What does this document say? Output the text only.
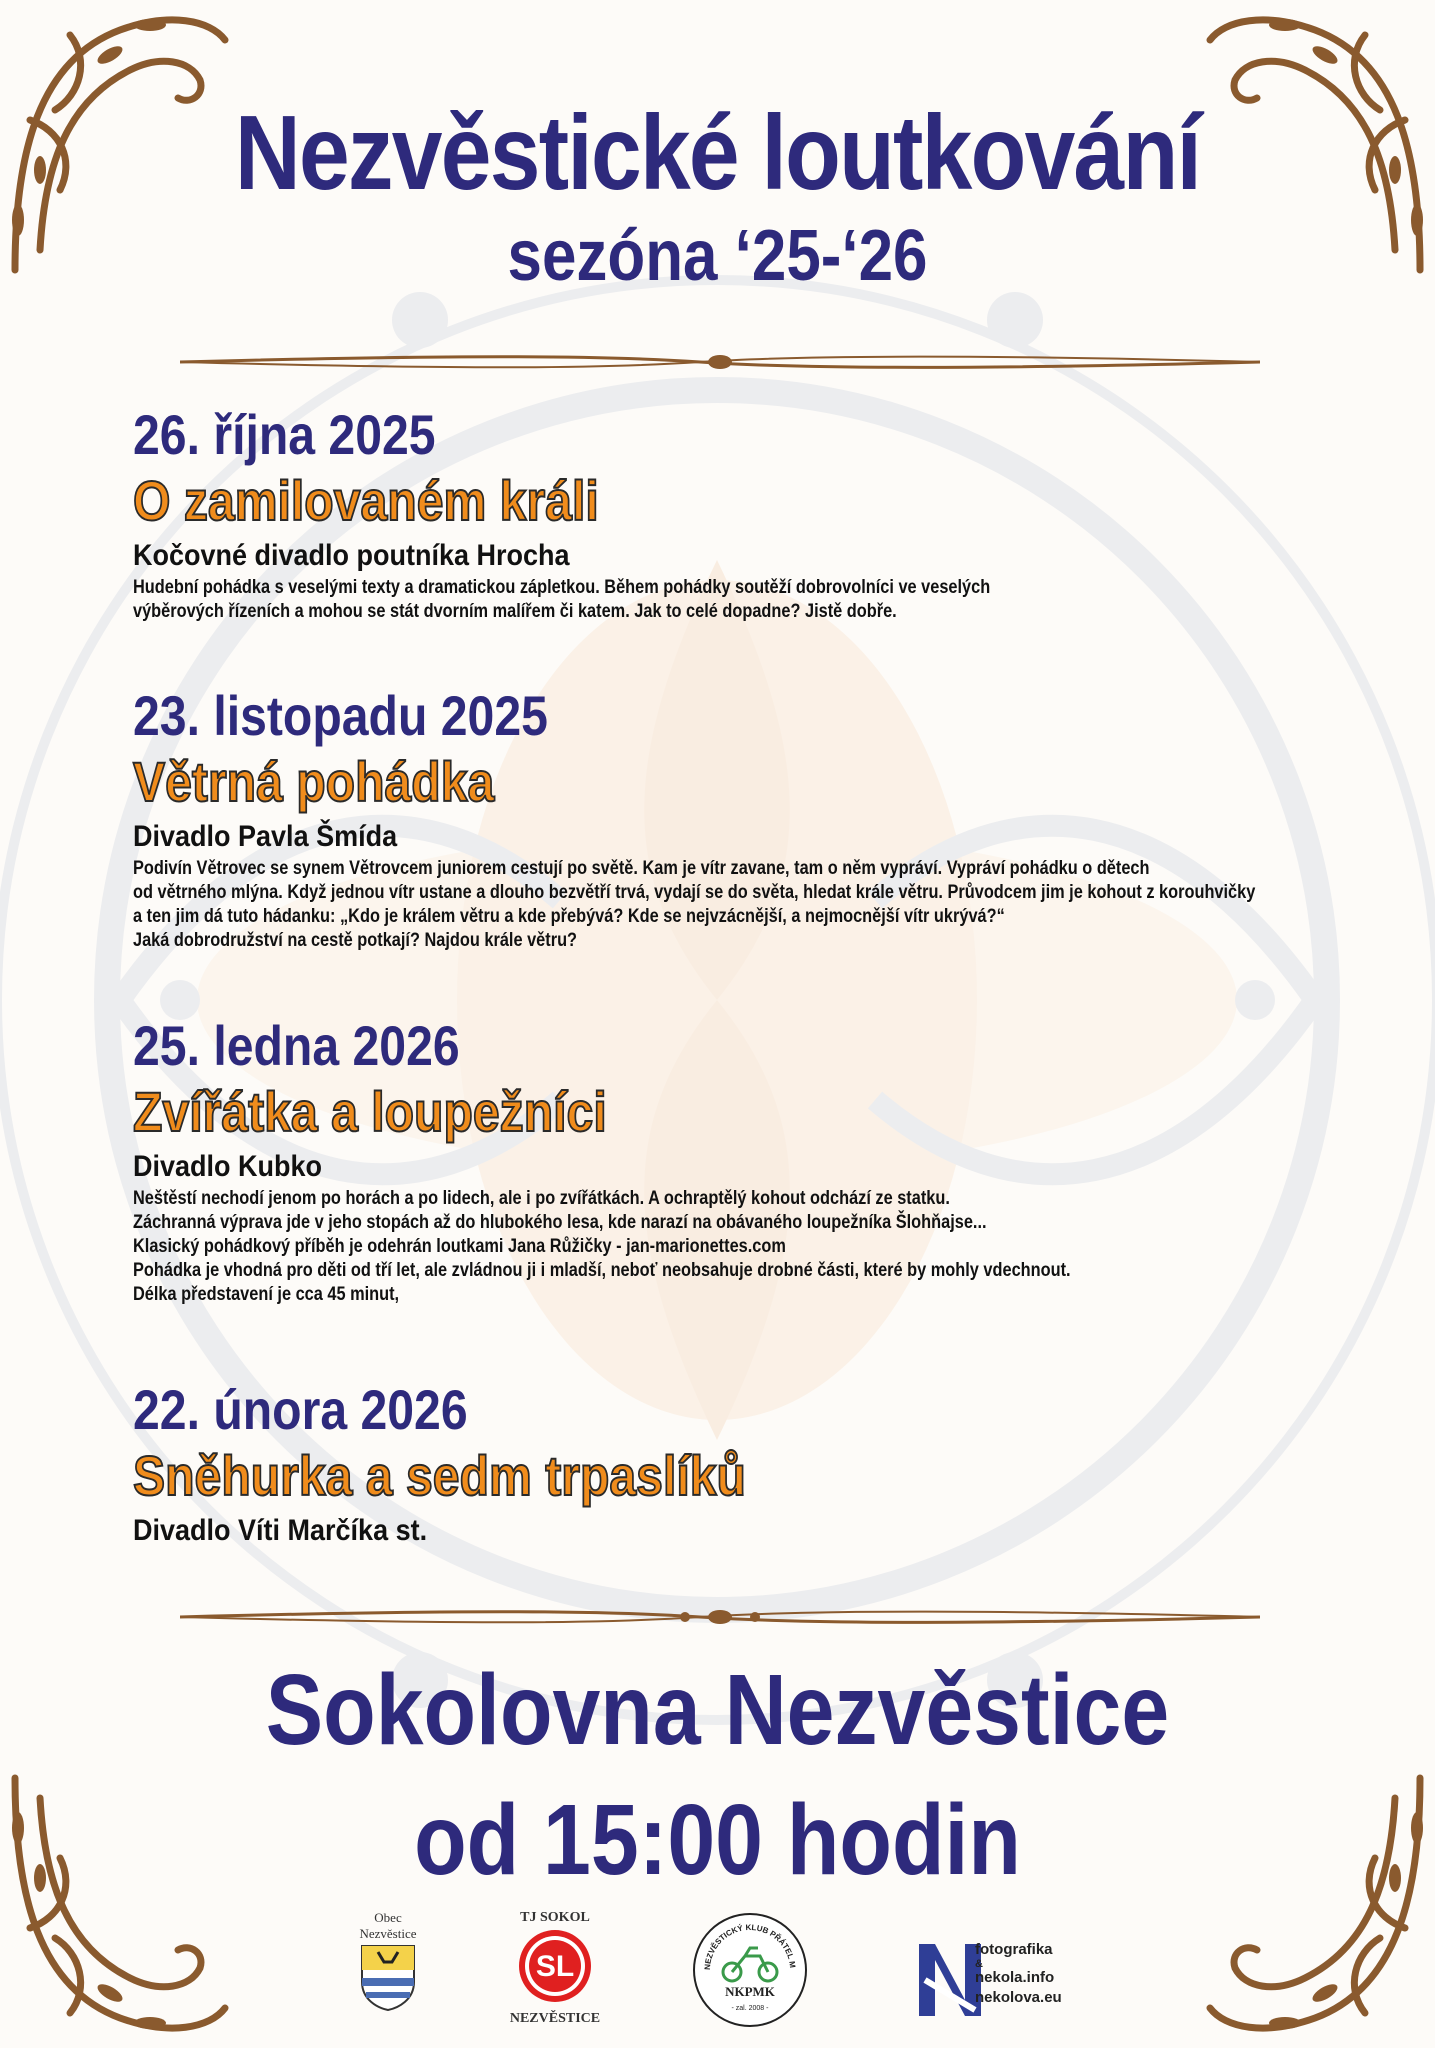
Nezvěstické loutkování
sezóna ‘25-‘26
26. října 2025
O zamilovaném králi
Kočovné divadlo poutníka Hrocha
Hudební pohádka s veselými texty a dramatickou zápletkou. Během pohádky soutěží dobrovolníci ve veselých
výběrových řízeních a mohou se stát dvorním malířem či katem. Jak to celé dopadne? Jistě dobře.
23. listopadu 2025
Větrná pohádka
Divadlo Pavla Šmída
Podivín Větrovec se synem Větrovcem juniorem cestují po světě. Kam je vítr zavane, tam o něm vypráví. Vypráví pohádku o dětech
od větrného mlýna. Když jednou vítr ustane a dlouho bezvětří trvá, vydají se do světa, hledat krále větru. Průvodcem jim je kohout z korouhvičky
a ten jim dá tuto hádanku: „Kdo je králem větru a kde přebývá? Kde se nejvzácnější, a nejmocnější vítr ukrývá?“
Jaká dobrodružství na cestě potkají? Najdou krále větru?
25. ledna 2026
Zvířátka a loupežníci
Divadlo Kubko
Neštěstí nechodí jenom po horách a po lidech, ale i po zvířátkách. A ochraptělý kohout odchází ze statku.
Záchranná výprava jde v jeho stopách až do hlubokého lesa, kde narazí na obávaného loupežníka Šlohňajse...
Klasický pohádkový příběh je odehrán loutkami Jana Růžičky - jan-marionettes.com
Pohádka je vhodná pro děti od tří let, ale zvládnou ji i mladší, neboť neobsahuje drobné části, které by mohly vdechnout.
Délka představení je cca 45 minut,
22. února 2026
Sněhurka a sedm trpaslíků
Divadlo Víti Marčíka st.
Sokolovna Nezvěstice
od 15:00 hodin
Obec
Nezvěstice
TJ SOKOL
SL
NEZVĚSTICE
NEZVĚSTICKÝ KLUB PŘÁTEL M
NKPMK
- zal. 2008 -
fotografika
&
nekola.info
nekolova.eu
